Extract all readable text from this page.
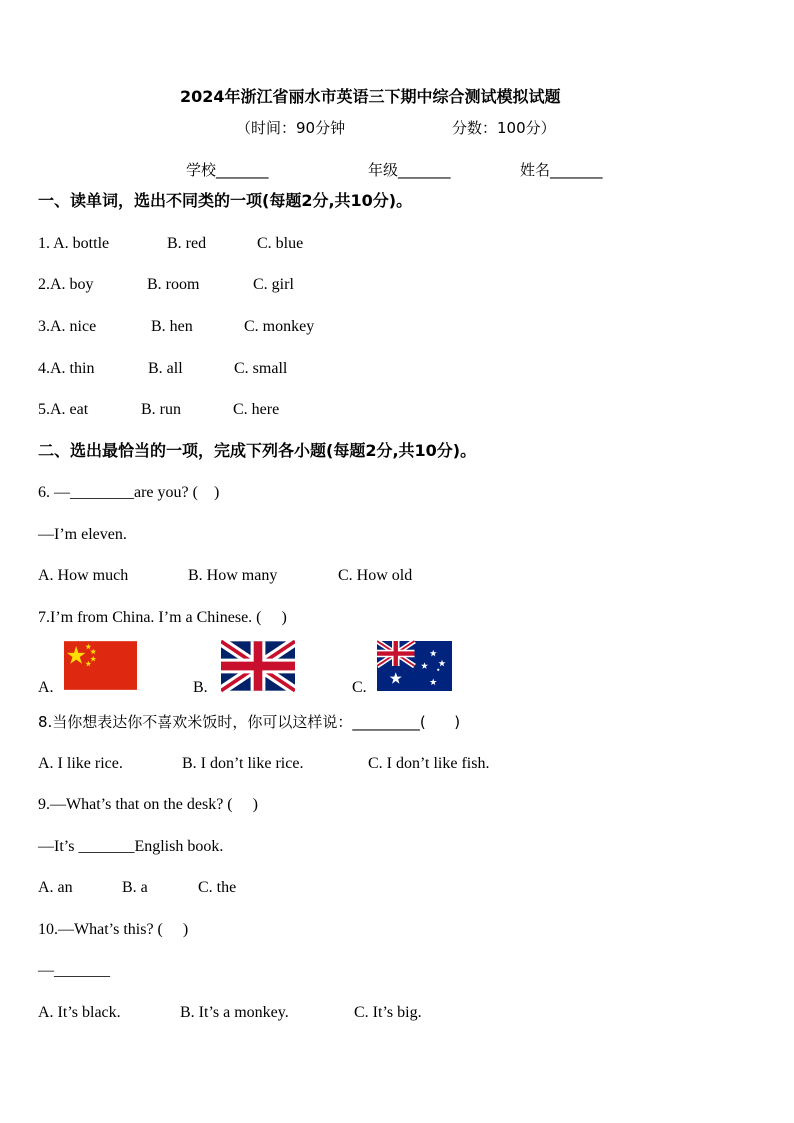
2024年浙江省丽水市英语三下期中综合测试模拟试题
（时间：90分钟	分数：100分）
学校_______	年级_______	姓名_______
一、读单词，选出不同类的一项(每题2分,共10分)。
1. A. bottle	B. red	C. blue
2.A. boy	B. room	C. girl
3.A. nice	B. hen	C. monkey
4.A. thin	B. all	C. small
5.A. eat	B. run	C. here
二、选出最恰当的一项，完成下列各小题(每题2分,共10分)。
6. —________are you? (    )
—I’m eleven.
A. How much	B. How many	C. How old
7.I’m from China. I’m a Chinese. (     )
A.	B.	C.
8.当你想表达你不喜欢米饭时，你可以这样说：_________(      )
A. I like rice.	B. I don’t like rice.	C. I don’t like fish.
9.—What’s that on the desk? (     )
—It’s _______English book.
A. an	B. a	C. the
10.—What’s this? (     )
—_______
A. It’s black.	B. It’s a monkey.	C. It’s big.
